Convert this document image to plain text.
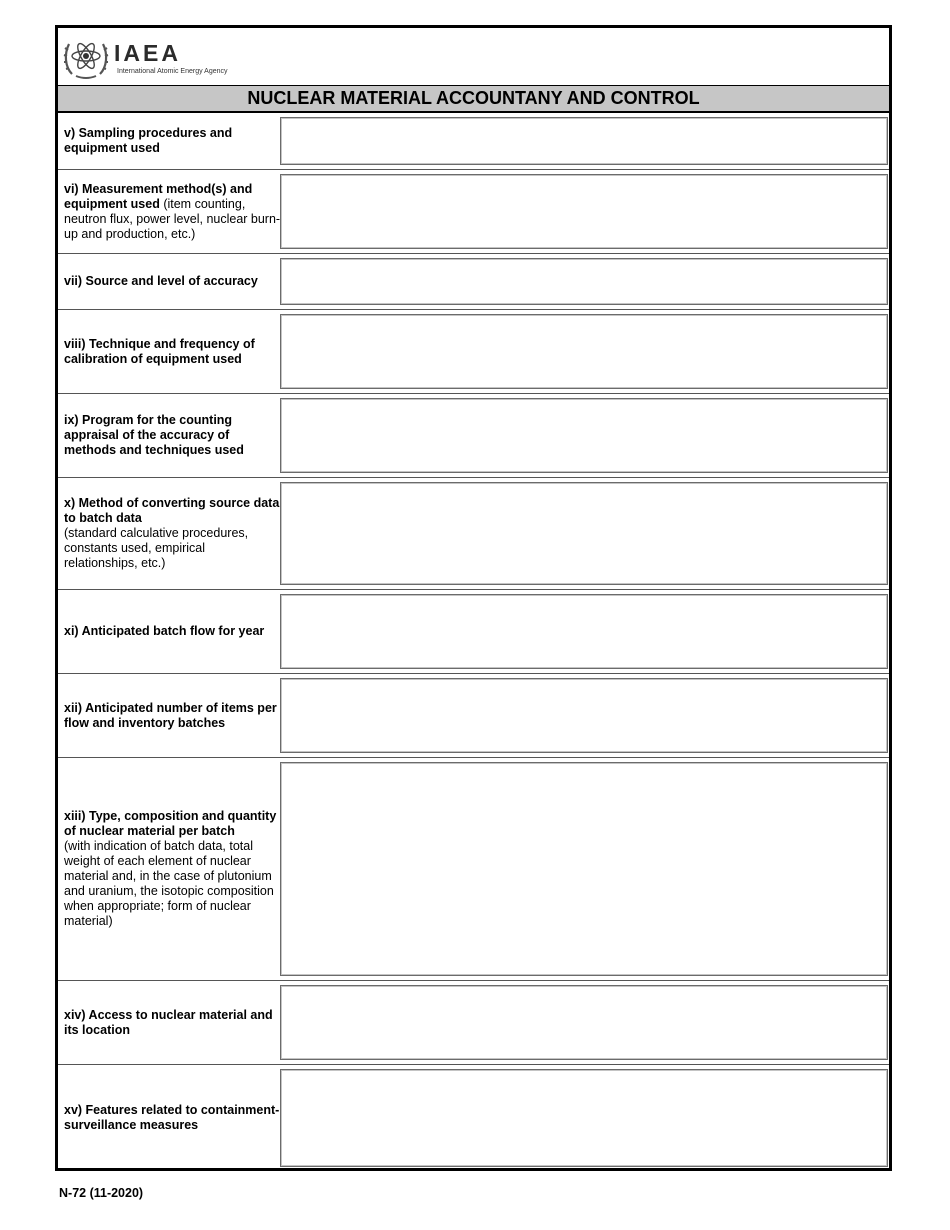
IAEA
International Atomic Energy Agency
NUCLEAR MATERIAL ACCOUNTANY AND CONTROL
v) Sampling procedures and equipment used
vi) Measurement method(s) and equipment used (item counting, neutron flux, power level, nuclear burn-up and production, etc.)
vii) Source and level of accuracy
viii) Technique and frequency of calibration of equipment used
ix) Program for the counting appraisal of the accuracy of methods and techniques used
x) Method of converting source data to batch data
(standard calculative procedures, constants used, empirical relationships, etc.)
xi) Anticipated batch flow for year
xii) Anticipated number of items per flow and inventory batches
xiii) Type, composition and quantity of nuclear material per batch
(with indication of batch data, total weight of each element of nuclear material and, in the case of plutonium and uranium, the isotopic composition when appropriate; form of nuclear material)
xiv) Access to nuclear material and its location
xv) Features related to containment-surveillance measures
N-72 (11-2020)
